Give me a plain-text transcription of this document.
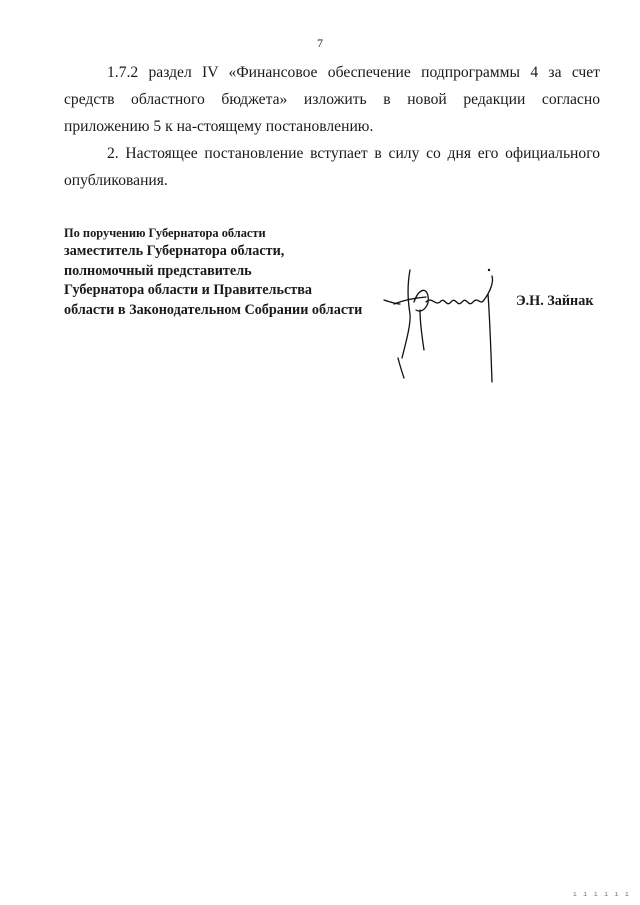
7

1.7.2 раздел IV «Финансовое обеспечение подпрограммы 4 за счет средств областного бюджета» изложить в новой редакции согласно приложению 5 к на-стоящему постановлению.

2. Настоящее постановление вступает в силу со дня его официального опубликования.

По поручению Губернатора области
заместитель Губернатора области,
полномочный представитель
Губернатора области и Правительства
области в Законодательном Собрании области
Э.Н. Зайнак
ı ı ı ı ı ı
